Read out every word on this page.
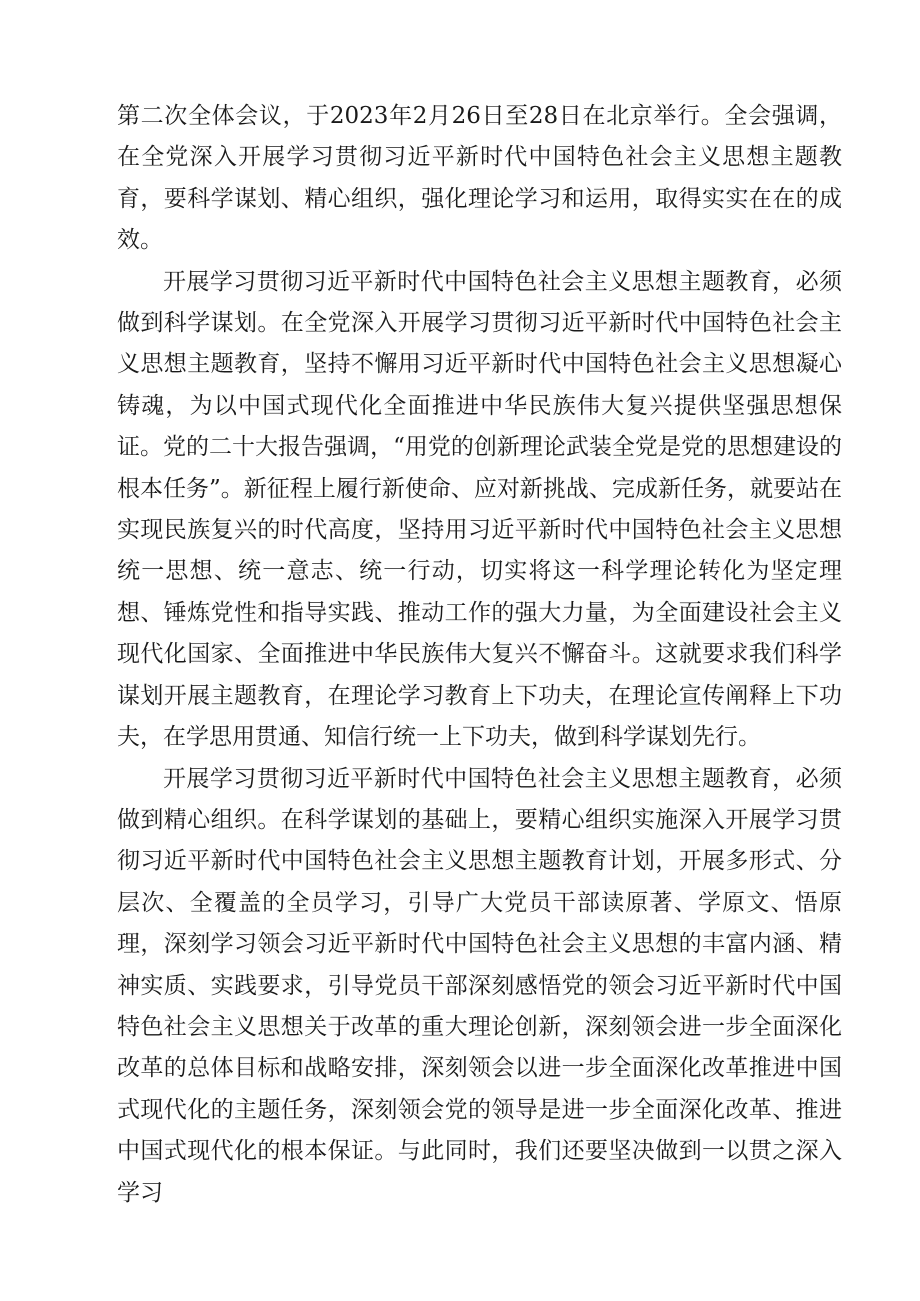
第二次全体会议，于2023年2月26日至28日在北京举行。全会强调，在全党深入开展学习贯彻习近平新时代中国特色社会主义思想主题教育，要科学谋划、精心组织，强化理论学习和运用，取得实实在在的成效。

开展学习贯彻习近平新时代中国特色社会主义思想主题教育，必须做到科学谋划。在全党深入开展学习贯彻习近平新时代中国特色社会主义思想主题教育，坚持不懈用习近平新时代中国特色社会主义思想凝心铸魂，为以中国式现代化全面推进中华民族伟大复兴提供坚强思想保证。党的二十大报告强调，“用党的创新理论武装全党是党的思想建设的根本任务”。新征程上履行新使命、应对新挑战、完成新任务，就要站在实现民族复兴的时代高度，坚持用习近平新时代中国特色社会主义思想统一思想、统一意志、统一行动，切实将这一科学理论转化为坚定理想、锤炼党性和指导实践、推动工作的强大力量，为全面建设社会主义现代化国家、全面推进中华民族伟大复兴不懈奋斗。这就要求我们科学谋划开展主题教育，在理论学习教育上下功夫，在理论宣传阐释上下功夫，在学思用贯通、知信行统一上下功夫，做到科学谋划先行。

开展学习贯彻习近平新时代中国特色社会主义思想主题教育，必须做到精心组织。在科学谋划的基础上，要精心组织实施深入开展学习贯彻习近平新时代中国特色社会主义思想主题教育计划，开展多形式、分层次、全覆盖的全员学习，引导广大党员干部读原著、学原文、悟原理，深刻学习领会习近平新时代中国特色社会主义思想的丰富内涵、精神实质、实践要求，引导党员干部深刻感悟党的领会习近平新时代中国特色社会主义思想关于改革的重大理论创新，深刻领会进一步全面深化改革的总体目标和战略安排，深刻领会以进一步全面深化改革推进中国式现代化的主题任务，深刻领会党的领导是进一步全面深化改革、推进中国式现代化的根本保证。与此同时，我们还要坚决做到一以贯之深入学习
